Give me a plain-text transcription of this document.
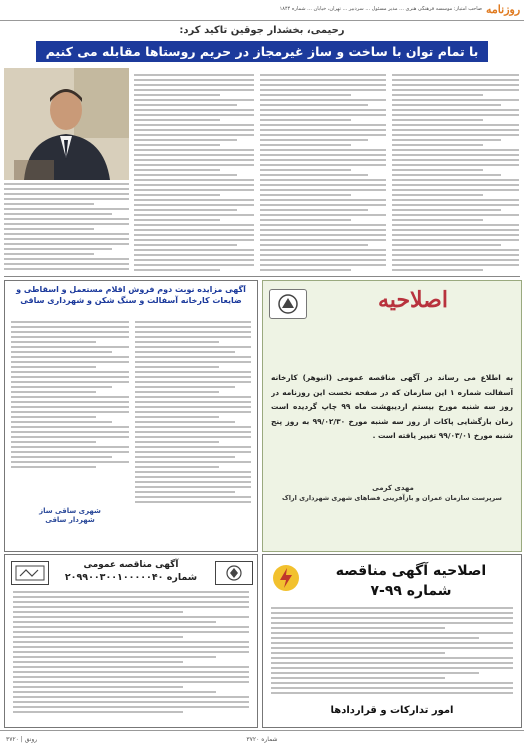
روزنامه
صاحب امتیاز: موسسه فرهنگی هنری ... مدیر مسئول ... سردبیر ... تهران، خیابان ... شماره ۱۸۴۴
رحیمی، بخشدار جوقین تاکید کرد:
با تمام توان با ساخت و ساز غیرمجاز در حریم روستاها مقابله می کنیم
آگهی مزایده نوبت دوم فروش اقلام مستعمل و اسقاطی و ضایعات کارخانه آسفالت و سنگ شکن و شهرداری ساقی
شهری ساقی ساز
شهردار ساقی
اصلاحیه
به اطلاع می رساند در آگهی مناقصه عمومی (انبوهر) کارخانه آسفالت شماره ۱ این سازمان که در صفحه نخست این روزنامه در روز سه شنبه مورخ بیستم اردیبهشت ماه ۹۹ چاپ گردیده است زمان بازگشایی پاکات از روز سه شنبه مورخ ۹۹/۰۲/۳۰ به روز پنج شنبه مورخ ۹۹/۰۳/۰۱ تغییر یافته است .
مهدی کرمی
سرپرست سازمان عمران و بازآفرینی فضاهای شهری شهرداری اراک
آگهی مناقصه عمومی
شماره ۲۰۹۹۰۰۳۰۰۱۰۰۰۰۰۴۰	اصلاحیه آگهی مناقصه
شماره ۹۹-۷
امور تدارکات و قراردادها
شماره ۳۷۲۰
۳۷۲۰ | رونق
